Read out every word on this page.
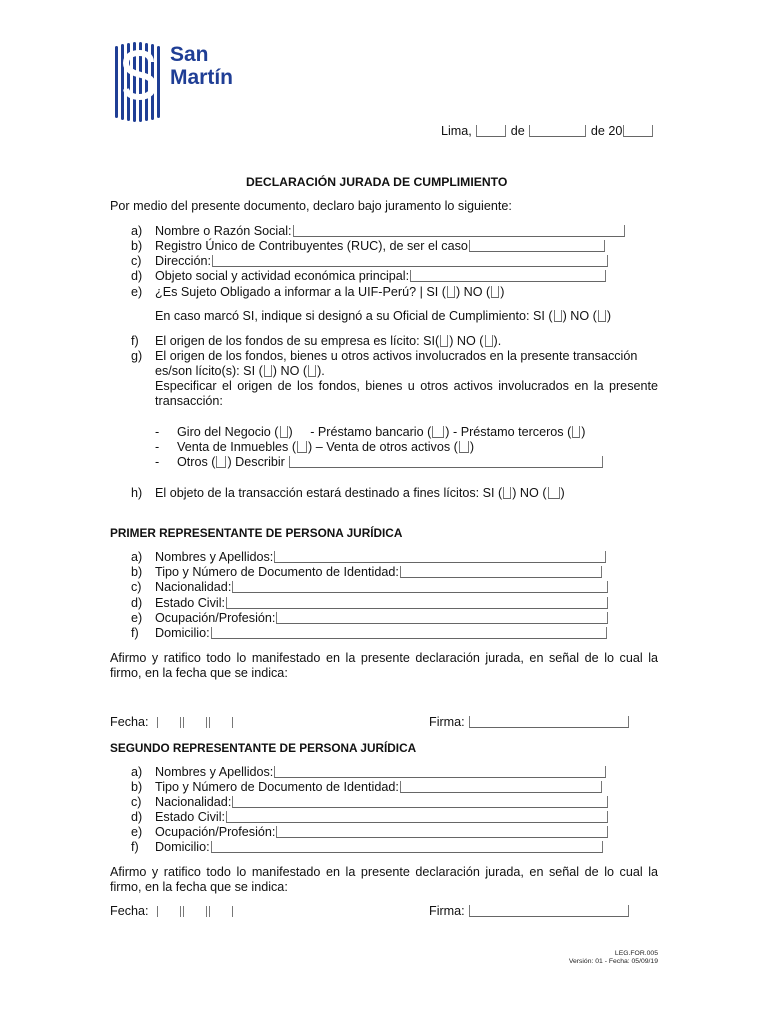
San
Martín
Lima,	de	de 20
DECLARACIÓN JURADA DE CUMPLIMIENTO
Por medio del presente documento, declaro bajo juramento lo siguiente:
a) Nombre o Razón Social:
b) Registro Único de Contribuyentes (RUC), de ser el caso
c) Dirección:
d) Objeto social y actividad económica principal:
e) ¿Es Sujeto Obligado a informar a la UIF-Perú? | SI ( ) NO ( )
En caso marcó SI, indique si designó a su Oficial de Cumplimiento: SI ( ) NO ( )
f) El origen de los fondos de su empresa es lícito: SI( ) NO ( ).
g) El origen de los fondos, bienes u otros activos involucrados en la presente transacción
es/son lícito(s): SI ( ) NO ( ).
Especificar el origen de los fondos, bienes u otros activos involucrados en la presente transacción:
- Giro del Negocio ( ) - Préstamo bancario ( ) - Préstamo terceros ( )
- Venta de Inmuebles ( ) – Venta de otros activos ( )
- Otros ( ) Describir
h) El objeto de la transacción estará destinado a fines lícitos: SI ( ) NO ( )
PRIMER REPRESENTANTE DE PERSONA JURÍDICA
a) Nombres y Apellidos:
b) Tipo y Número de Documento de Identidad:
c) Nacionalidad:
d) Estado Civil:
e) Ocupación/Profesión:
f) Domicilio:
Afirmo y ratifico todo lo manifestado en la presente declaración jurada, en señal de lo cual la firmo, en la fecha que se indica:
Fecha:	Firma:
SEGUNDO REPRESENTANTE DE PERSONA JURÍDICA
a) Nombres y Apellidos:
b) Tipo y Número de Documento de Identidad:
c) Nacionalidad:
d) Estado Civil:
e) Ocupación/Profesión:
f) Domicilio:
Afirmo y ratifico todo lo manifestado en la presente declaración jurada, en señal de lo cual la firmo, en la fecha que se indica:
Fecha:	Firma:
LEG.FOR.005
Versión: 01 - Fecha: 05/09/19
